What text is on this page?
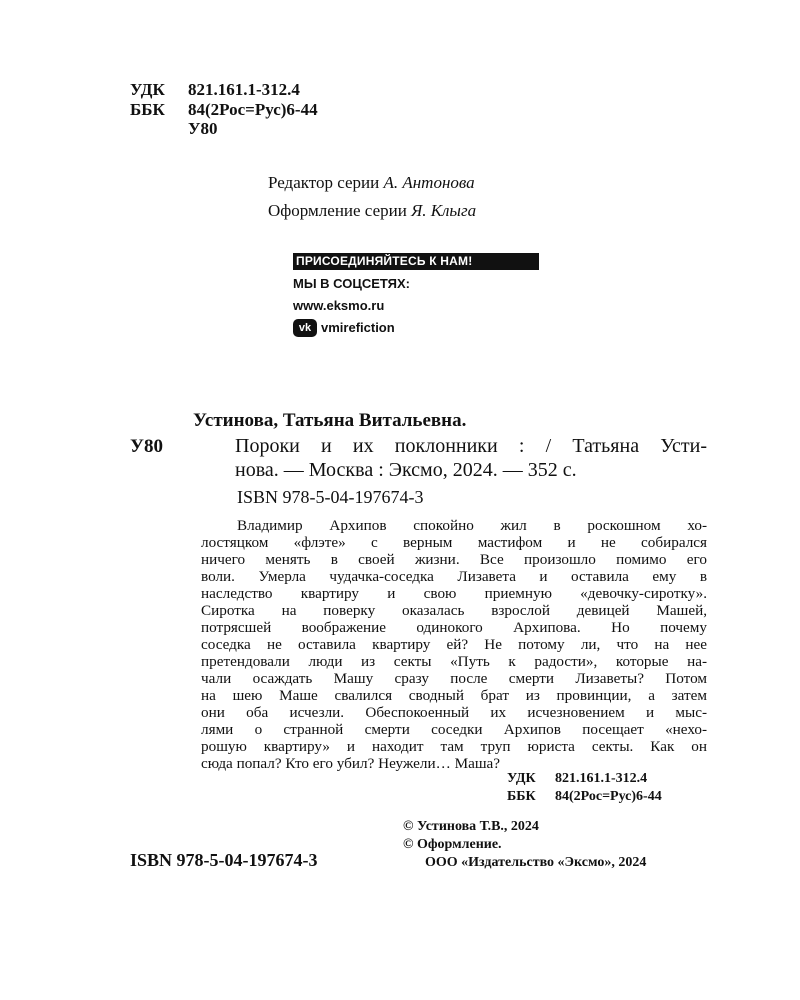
УДК 821.161.1-312.4
ББК 84(2Рос=Рус)6-44
У80
Редактор серии А. Антонова
Оформление серии Я. Клыга
ПРИСОЕДИНЯЙТЕСЬ К НАМ!
МЫ В СОЦСЕТЯХ:
www.eksmo.ru
vk vmirefiction
Устинова, Татьяна Витальевна.
У80	Пороки и их поклонники : / Татьяна Усти-
нова. — Москва : Эксмо, 2024. — 352 с.
ISBN 978-5-04-197674-3
Владимир Архипов спокойно жил в роскошном хо-
лостяцком «флэте» с верным мастифом и не собирался
ничего менять в своей жизни. Все произошло помимо его
воли. Умерла чудачка-соседка Лизавета и оставила ему в
наследство квартиру и свою приемную «девочку-сиротку».
Сиротка на поверку оказалась взрослой девицей Машей,
потрясшей воображение одинокого Архипова. Но почему
соседка не оставила квартиру ей? Не потому ли, что на нее
претендовали люди из секты «Путь к радости», которые на-
чали осаждать Машу сразу после смерти Лизаветы? Потом
на шею Маше свалился сводный брат из провинции, а затем
они оба исчезли. Обеспокоенный их исчезновением и мыс-
лями о странной смерти соседки Архипов посещает «нехо-
рошую квартиру» и находит там труп юриста секты. Как он
сюда попал? Кто его убил? Неужели… Маша?
УДК 821.161.1-312.4
ББК 84(2Рос=Рус)6-44
© Устинова Т.В., 2024
© Оформление.
ISBN 978-5-04-197674-3	ООО «Издательство «Эксмо», 2024
